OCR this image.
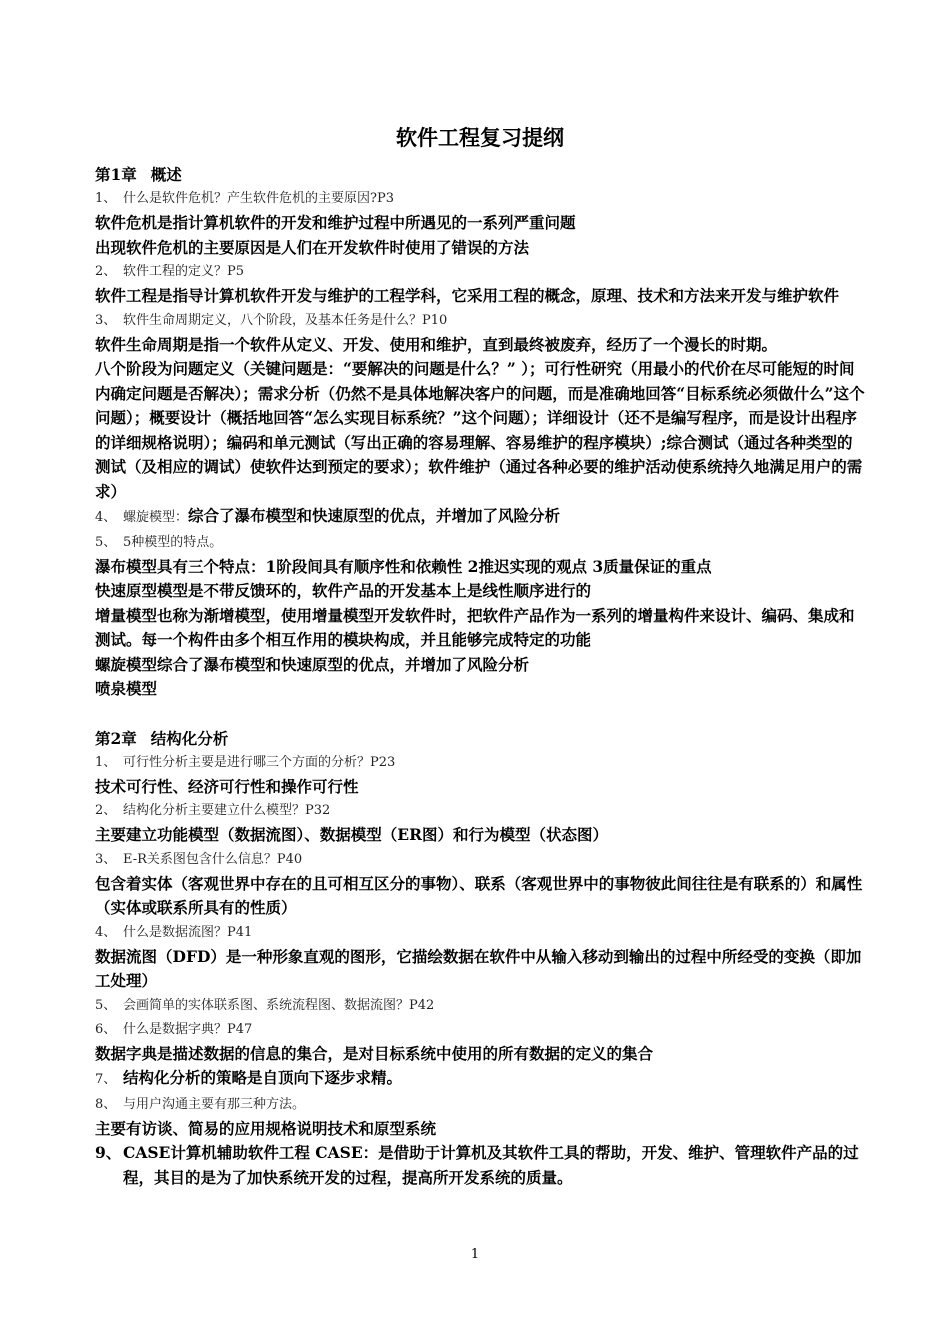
软件工程复习提纲
第1章 概述

1、 什么是软件危机？产生软件危机的主要原因?P3

软件危机是指计算机软件的开发和维护过程中所遇见的一系列严重问题

出现软件危机的主要原因是人们在开发软件时使用了错误的方法

2、 软件工程的定义？P5

软件工程是指导计算机软件开发与维护的工程学科，它采用工程的概念，原理、技术和方法来开发与维护软件

3、 软件生命周期定义，八个阶段，及基本任务是什么？P10

软件生命周期是指一个软件从定义、开发、使用和维护，直到最终被废弃，经历了一个漫长的时期。

八个阶段为问题定义（关键问题是：“要解决的问题是什么？” ）；可行性研究（用最小的代价在尽可能短的时间内确定问题是否解决）；需求分析（仍然不是具体地解决客户的问题，而是准确地回答“目标系统必须做什么”这个问题）；概要设计（概括地回答“怎么实现目标系统？”这个问题）；详细设计（还不是编写程序，而是设计出程序的详细规格说明）；编码和单元测试（写出正确的容易理解、容易维护的程序模块）;综合测试（通过各种类型的测试（及相应的调试）使软件达到预定的要求）；软件维护（通过各种必要的维护活动使系统持久地满足用户的需求）

4、 螺旋模型：综合了瀑布模型和快速原型的优点，并增加了风险分析

5、 5种模型的特点。

瀑布模型具有三个特点：1阶段间具有顺序性和依赖性 2推迟实现的观点 3质量保证的重点

快速原型模型是不带反馈环的，软件产品的开发基本上是线性顺序进行的

增量模型也称为渐增模型，使用增量模型开发软件时，把软件产品作为一系列的增量构件来设计、编码、集成和测试。每一个构件由多个相互作用的模块构成，并且能够完成特定的功能

螺旋模型综合了瀑布模型和快速原型的优点，并增加了风险分析

喷泉模型

第2章 结构化分析

1、 可行性分析主要是进行哪三个方面的分析？P23

技术可行性、经济可行性和操作可行性

2、 结构化分析主要建立什么模型？P32

主要建立功能模型（数据流图）、数据模型（ER图）和行为模型（状态图）

3、 E-R关系图包含什么信息？P40

包含着实体（客观世界中存在的且可相互区分的事物）、联系（客观世界中的事物彼此间往往是有联系的）和属性（实体或联系所具有的性质）

4、 什么是数据流图？P41

数据流图（DFD）是一种形象直观的图形，它描绘数据在软件中从输入移动到输出的过程中所经受的变换（即加工处理）

5、 会画简单的实体联系图、系统流程图、数据流图？P42

6、 什么是数据字典？P47

数据字典是描述数据的信息的集合，是对目标系统中使用的所有数据的定义的集合

7、 结构化分析的策略是自顶向下逐步求精。

8、 与用户沟通主要有那三种方法。

主要有访谈、简易的应用规格说明技术和原型系统

9、 CASE计算机辅助软件工程 CASE：是借助于计算机及其软件工具的帮助，开发、维护、管理软件产品的过程，其目的是为了加快系统开发的过程，提高所开发系统的质量。

1
